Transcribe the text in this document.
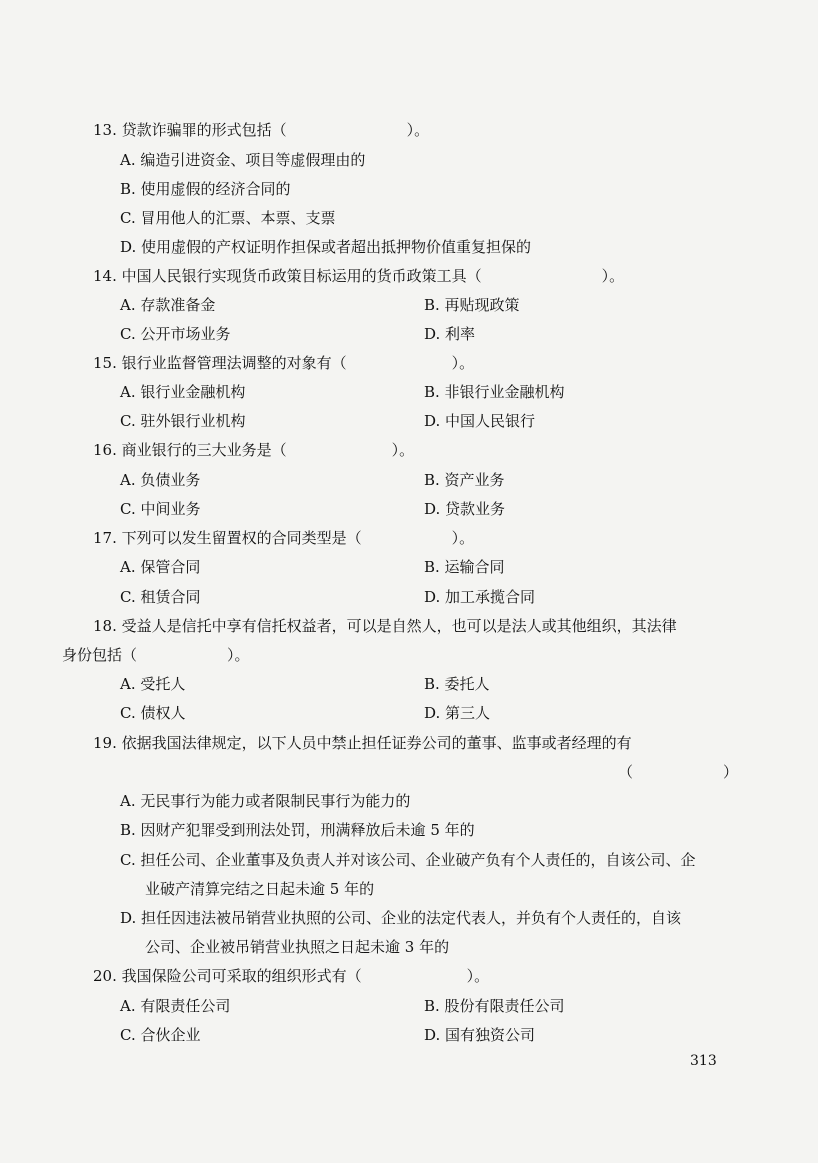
13. 贷款诈骗罪的形式包括（　　　　　　　　）。
A. 编造引进资金、项目等虚假理由的
B. 使用虚假的经济合同的
C. 冒用他人的汇票、本票、支票
D. 使用虚假的产权证明作担保或者超出抵押物价值重复担保的
14. 中国人民银行实现货币政策目标运用的货币政策工具（　　　　　　　　）。
A. 存款准备金	B. 再贴现政策
C. 公开市场业务	D. 利率
15. 银行业监督管理法调整的对象有（　　　　　　　）。
A. 银行业金融机构	B. 非银行业金融机构
C. 驻外银行业机构	D. 中国人民银行
16. 商业银行的三大业务是（　　　　　　　）。
A. 负债业务	B. 资产业务
C. 中间业务	D. 贷款业务
17. 下列可以发生留置权的合同类型是（　　　　　　）。
A. 保管合同	B. 运输合同
C. 租赁合同	D. 加工承揽合同
18. 受益人是信托中享有信托权益者，可以是自然人，也可以是法人或其他组织，其法律
身份包括（　　　　　　）。
A. 受托人	B. 委托人
C. 债权人	D. 第三人
19. 依据我国法律规定，以下人员中禁止担任证券公司的董事、监事或者经理的有
（　　　　　　）
A. 无民事行为能力或者限制民事行为能力的
B. 因财产犯罪受到刑法处罚，刑满释放后未逾 5 年的
C. 担任公司、企业董事及负责人并对该公司、企业破产负有个人责任的，自该公司、企
业破产清算完结之日起未逾 5 年的
D. 担任因违法被吊销营业执照的公司、企业的法定代表人，并负有个人责任的，自该
公司、企业被吊销营业执照之日起未逾 3 年的
20. 我国保险公司可采取的组织形式有（　　　　　　　）。
A. 有限责任公司	B. 股份有限责任公司
C. 合伙企业	D. 国有独资公司
313
